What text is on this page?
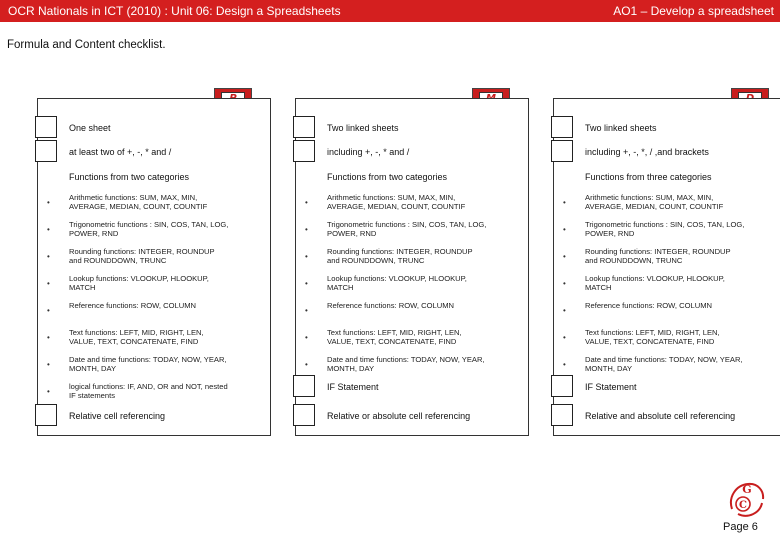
OCR Nationals in ICT (2010) : Unit 06: Design a Spreadsheets	AO1 – Develop a spreadsheet
Formula and Content checklist.
One sheet
at least two of +, -, * and /
Functions from two categories
•
Arithmetic functions: SUM, MAX, MIN, AVERAGE, MEDIAN, COUNT, COUNTIF
•
Trigonometric functions : SIN, COS, TAN, LOG, POWER, RND
•
Rounding functions: INTEGER, ROUNDUP and ROUNDDOWN, TRUNC
•
Lookup functions: VLOOKUP, HLOOKUP, MATCH
•
Reference functions: ROW, COLUMN
•
Text functions: LEFT, MID, RIGHT, LEN, VALUE, TEXT, CONCATENATE, FIND
•
Date and time functions: TODAY, NOW, YEAR, MONTH, DAY
•
logical functions: IF, AND, OR and NOT, nested IF statements
Relative cell referencing
Two linked sheets
including +, -, * and /
Functions from two categories
•
Arithmetic functions: SUM, MAX, MIN, AVERAGE, MEDIAN, COUNT, COUNTIF
•
Trigonometric functions : SIN, COS, TAN, LOG, POWER, RND
•
Rounding functions: INTEGER, ROUNDUP and ROUNDDOWN, TRUNC
•
Lookup functions: VLOOKUP, HLOOKUP, MATCH
•
Reference functions: ROW, COLUMN
•
Text functions: LEFT, MID, RIGHT, LEN, VALUE, TEXT, CONCATENATE, FIND
•
Date and time functions: TODAY, NOW, YEAR, MONTH, DAY
IF Statement
Relative or absolute cell referencing
Two linked sheets
including +, -, *, / ,and brackets
Functions from three categories
•
Arithmetic functions: SUM, MAX, MIN, AVERAGE, MEDIAN, COUNT, COUNTIF
•
Trigonometric functions : SIN, COS, TAN, LOG, POWER, RND
•
Rounding functions: INTEGER, ROUNDUP and ROUNDDOWN, TRUNC
•
Lookup functions: VLOOKUP, HLOOKUP, MATCH
•
Reference functions: ROW, COLUMN
•
Text functions: LEFT, MID, RIGHT, LEN, VALUE, TEXT, CONCATENATE, FIND
•
Date and time functions: TODAY, NOW, YEAR, MONTH, DAY
IF Statement
Relative and absolute cell referencing
G
C
Page 6
